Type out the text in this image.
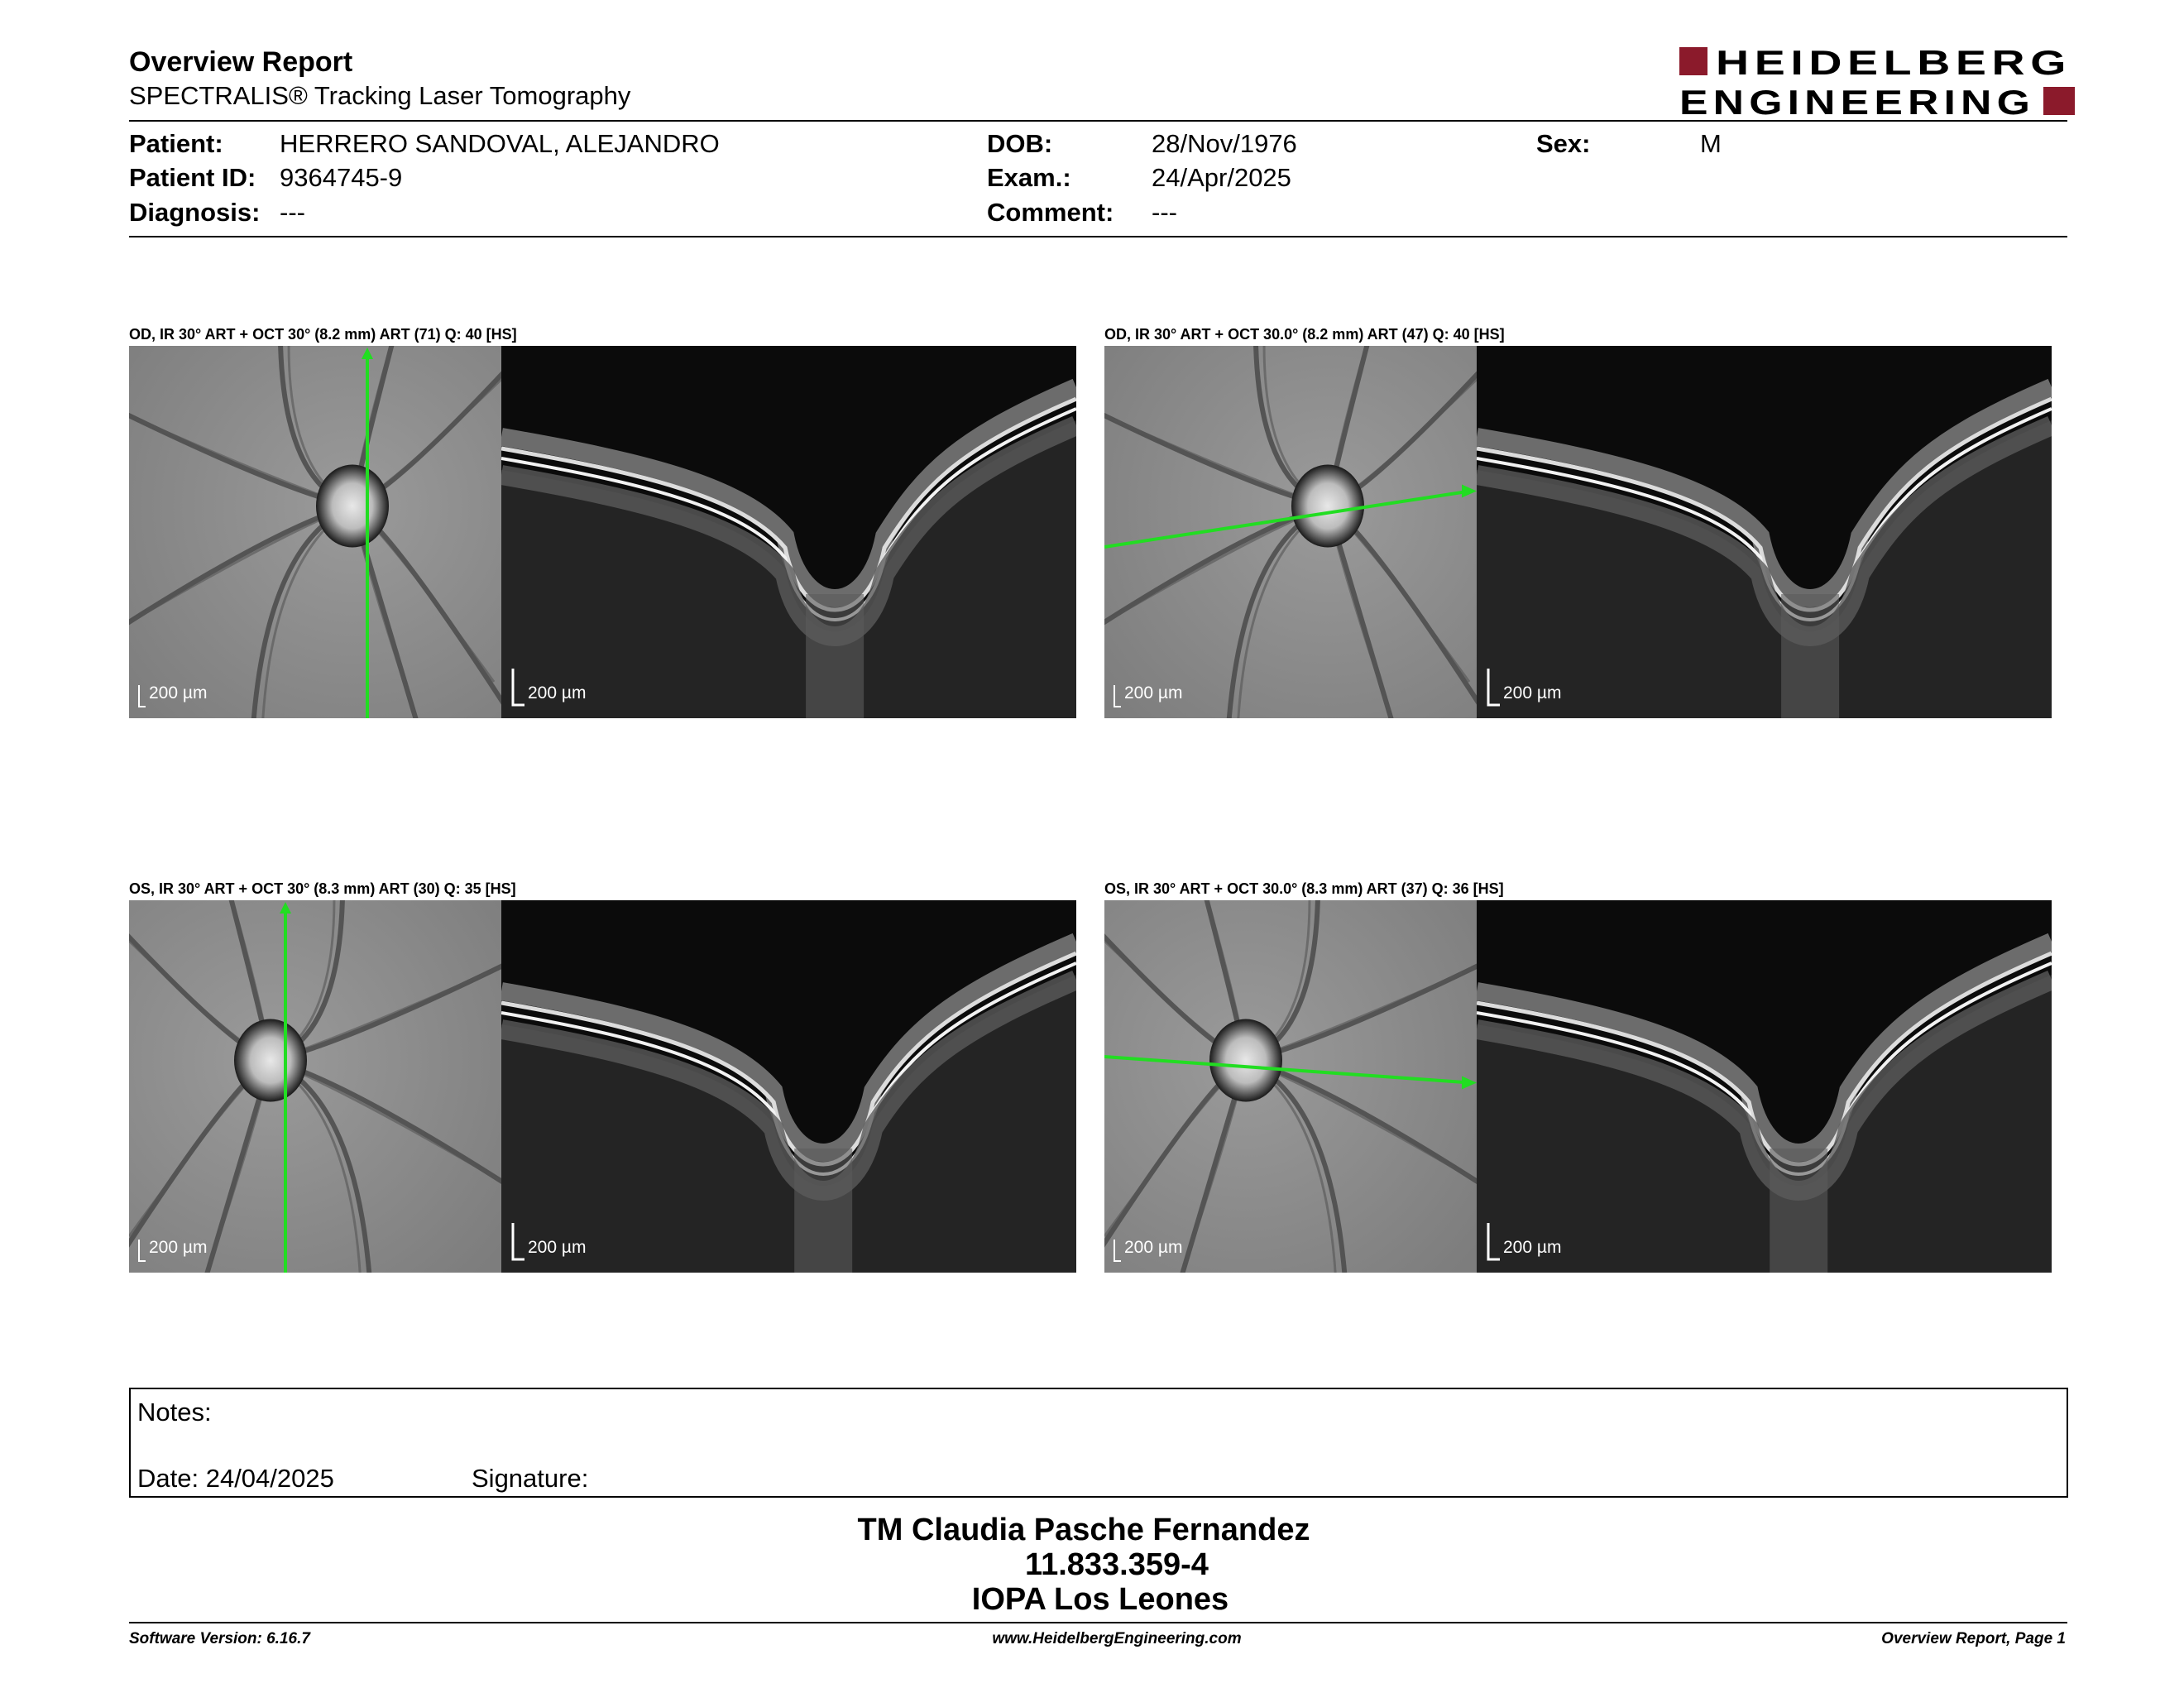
Overview Report
SPECTRALIS® Tracking Laser Tomography
HEIDELBERG
ENGINEERING
Patient: HERRERO SANDOVAL, ALEJANDRO
Patient ID: 9364745-9
Diagnosis: ---
DOB:	28/Nov/1976
Exam.:	24/Apr/2025
Comment: ---
Sex:	M
OD, IR 30° ART + OCT 30° (8.2 mm) ART (71) Q: 40 [HS]
200 µm	200 µm
OD, IR 30° ART + OCT 30.0° (8.2 mm) ART (47) Q: 40 [HS]
200 µm	200 µm
OS, IR 30° ART + OCT 30° (8.3 mm) ART (30) Q: 35 [HS]
200 µm	200 µm
OS, IR 30° ART + OCT 30.0° (8.3 mm) ART (37) Q: 36 [HS]
200 µm	200 µm
Notes:
Date: 24/04/2025	Signature:
TM Claudia Pasche Fernandez
11.833.359-4
IOPA Los Leones
Software Version: 6.16.7	www.HeidelbergEngineering.com	Overview Report, Page 1
